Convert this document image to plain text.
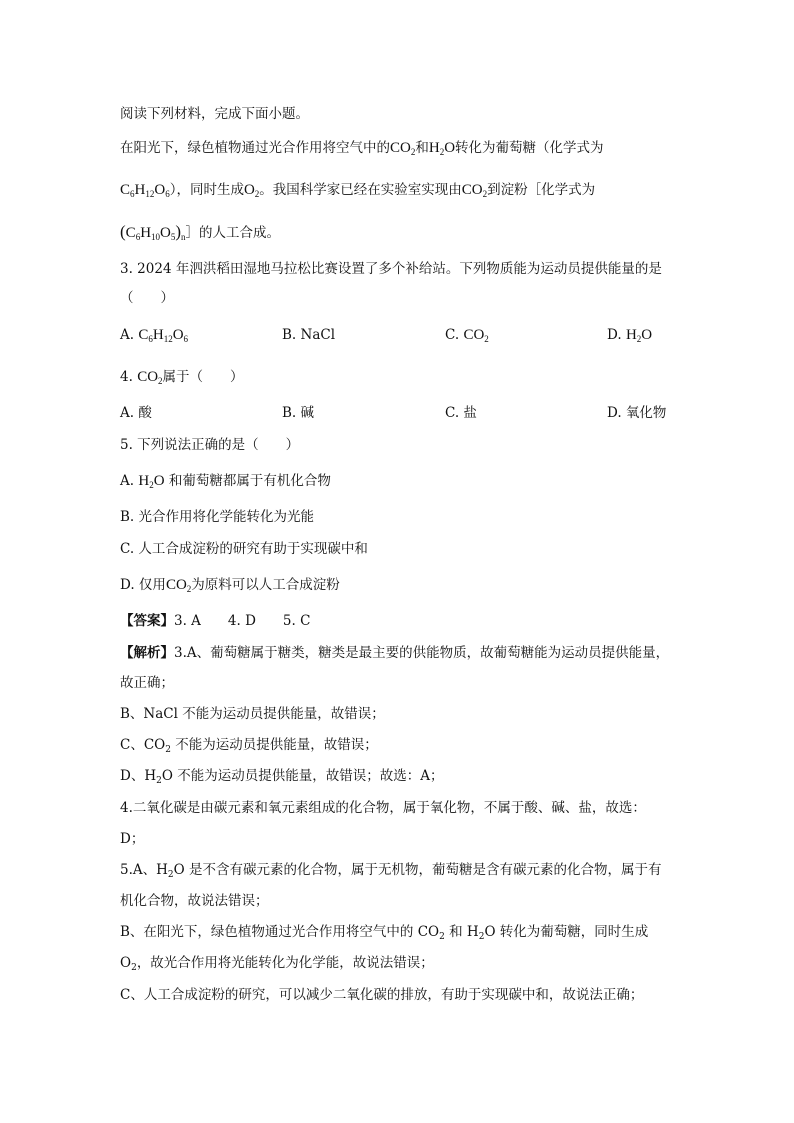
阅读下列材料，完成下面小题。
在阳光下，绿色植物通过光合作用将空气中的$CO_2$和$H_2O$转化为葡萄糖（化学式为
$C_6H_{12}O_6$），同时生成$O_2$。我国科学家已经在实验室实现由$CO_2$到淀粉［化学式为
$(C_6H_{10}O_5)_n]$的人工合成。
3. 2024 年泗洪稻田湿地马拉松比赛设置了多个补给站。下列物质能为运动员提供能量的是
（　　）
A. $C_6H_{12}O_6$	B. NaCl	C. $CO_2$	D. $H_2O$
4. $CO_2$属于（　　）
A. 酸	B. 碱	C. 盐	D. 氧化物
5. 下列说法正确的是（　　）
A. $H_2O$ 和葡萄糖都属于有机化合物
B. 光合作用将化学能转化为光能
C. 人工合成淀粉的研究有助于实现碳中和
D. 仅用$CO_2$为原料可以人工合成淀粉
【答案】3. A　　4. D　　5. C
【解析】3.A、葡萄糖属于糖类，糖类是最主要的供能物质，故葡萄糖能为运动员提供能量，
故正确；
B、NaCl 不能为运动员提供能量，故错误；
C、$CO_2$ 不能为运动员提供能量，故错误；
D、$H_2O$ 不能为运动员提供能量，故错误；故选：A；
4.二氧化碳是由碳元素和氧元素组成的化合物，属于氧化物，不属于酸、碱、盐，故选：
D；
5.A、$H_2O$ 是不含有碳元素的化合物，属于无机物，葡萄糖是含有碳元素的化合物，属于有
机化合物，故说法错误；
B、在阳光下，绿色植物通过光合作用将空气中的 $CO_2$ 和 $H_2O$ 转化为葡萄糖，同时生成
$O_2$，故光合作用将光能转化为化学能，故说法错误；
C、人工合成淀粉的研究，可以减少二氧化碳的排放，有助于实现碳中和，故说法正确；
